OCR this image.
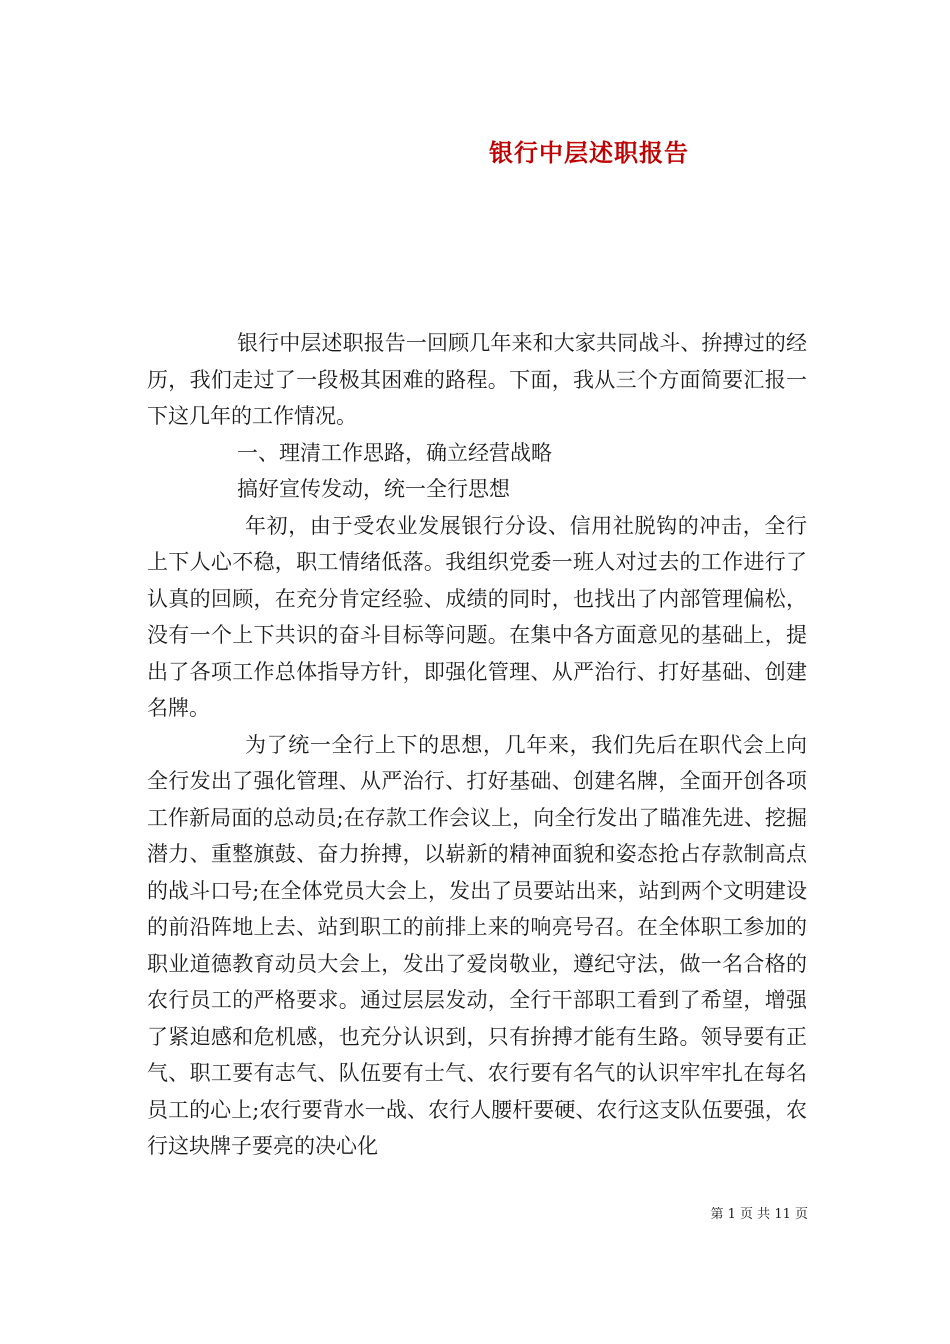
银行中层述职报告

银行中层述职报告一回顾几年来和大家共同战斗、拚搏过的经历，我们走过了一段极其困难的路程。下面，我从三个方面简要汇报一下这几年的工作情况。

一、理清工作思路，确立经营战略

搞好宣传发动，统一全行思想

年初，由于受农业发展银行分设、信用社脱钩的冲击，全行上下人心不稳，职工情绪低落。我组织党委一班人对过去的工作进行了认真的回顾，在充分肯定经验、成绩的同时，也找出了内部管理偏松，没有一个上下共识的奋斗目标等问题。在集中各方面意见的基础上，提出了各项工作总体指导方针，即强化管理、从严治行、打好基础、创建名牌。

为了统一全行上下的思想，几年来，我们先后在职代会上向全行发出了强化管理、从严治行、打好基础、创建名牌，全面开创各项工作新局面的总动员;在存款工作会议上，向全行发出了瞄准先进、挖掘潜力、重整旗鼓、奋力拚搏，以崭新的精神面貌和姿态抢占存款制高点的战斗口号;在全体党员大会上，发出了员要站出来，站到两个文明建设的前沿阵地上去、站到职工的前排上来的响亮号召。在全体职工参加的职业道德教育动员大会上，发出了爱岗敬业，遵纪守法，做一名合格的农行员工的严格要求。通过层层发动，全行干部职工看到了希望，增强了紧迫感和危机感，也充分认识到，只有拚搏才能有生路。领导要有正气、职工要有志气、队伍要有士气、农行要有名气的认识牢牢扎在每名员工的心上;农行要背水一战、农行人腰杆要硬、农行这支队伍要强，农行这块牌子要亮的决心化

第 1 页 共 11 页
